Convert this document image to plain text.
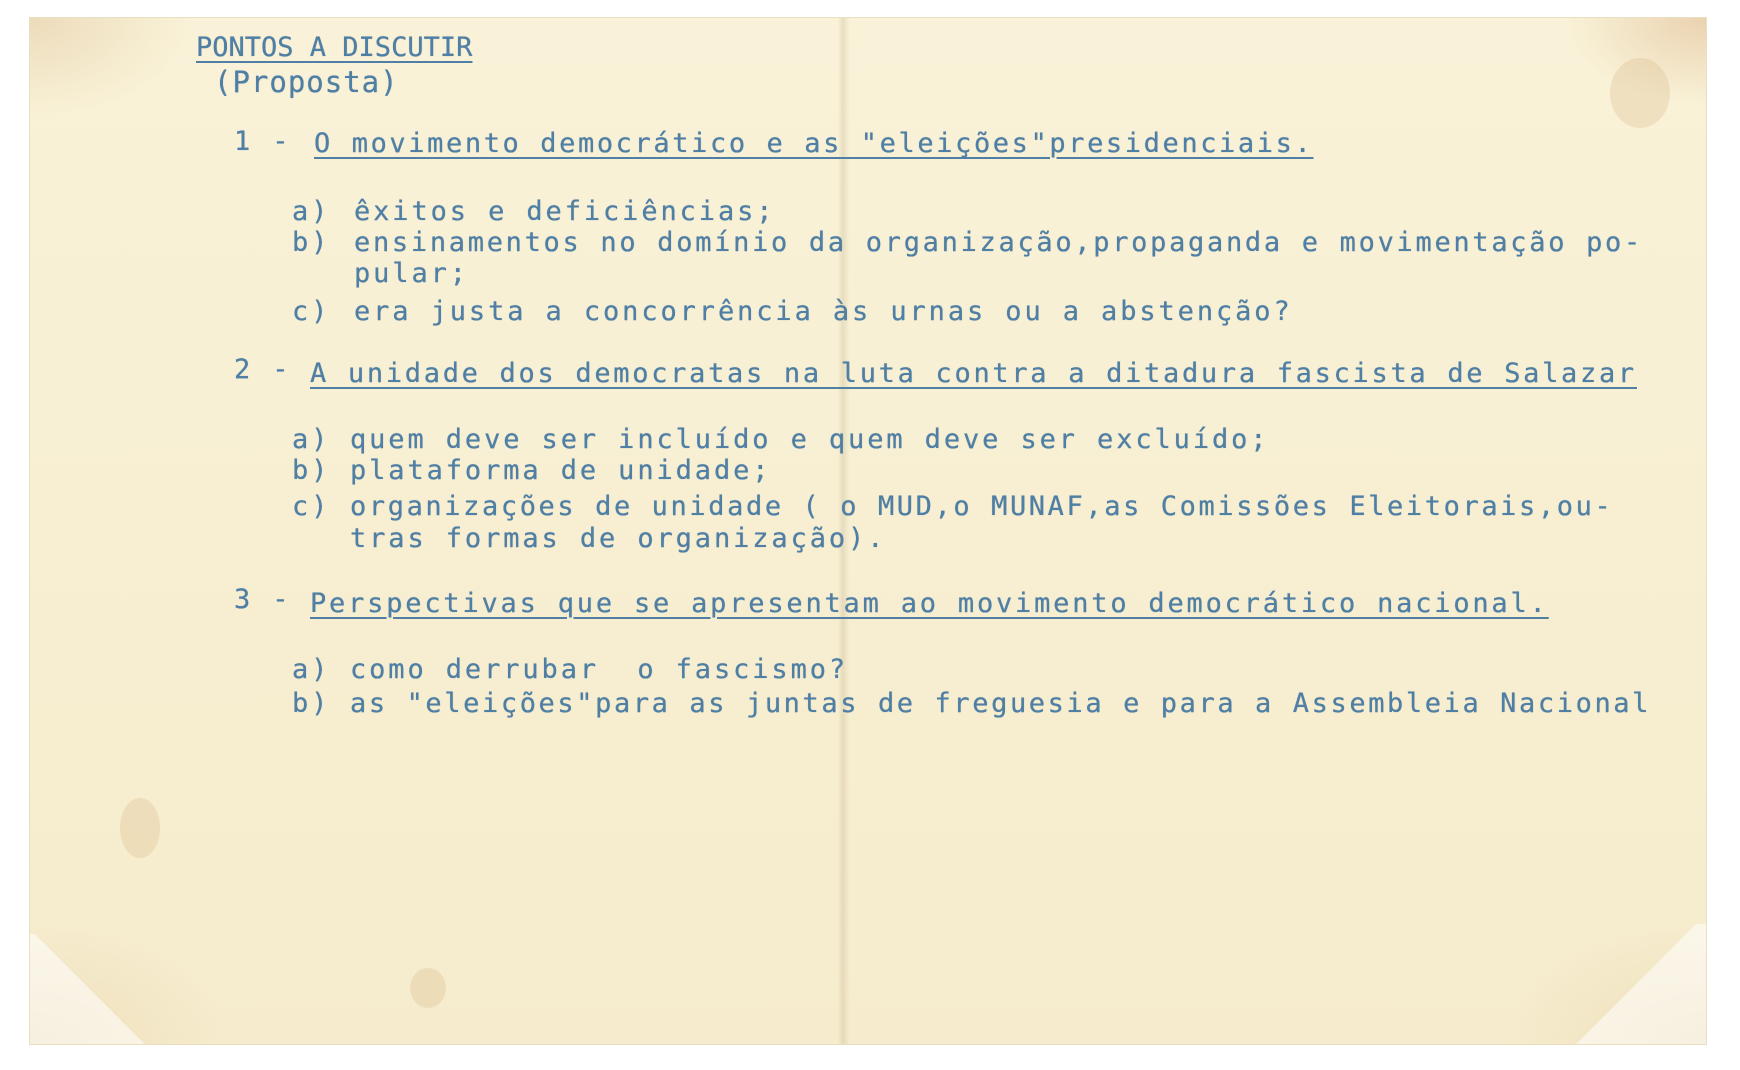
PONTOS A DISCUTIR
(Proposta)
1 - O movimento democrático e as "eleições"presidenciais.
a) êxitos e deficiências;
b) ensinamentos no domínio da organização,propaganda e movimentação po-
pular;
c) era justa a concorrência às urnas ou a abstenção?
2 - A unidade dos democratas na luta contra a ditadura fascista de Salazar
a) quem deve ser incluído e quem deve ser excluído;
b) plataforma de unidade;
c) organizações de unidade ( o MUD,o MUNAF,as Comissões Eleitorais,ou-
tras formas de organização).
3 - Perspectivas que se apresentam ao movimento democrático nacional.
a) como derrubar  o fascismo?
b) as "eleições"para as juntas de freguesia e para a Assembleia Nacional
